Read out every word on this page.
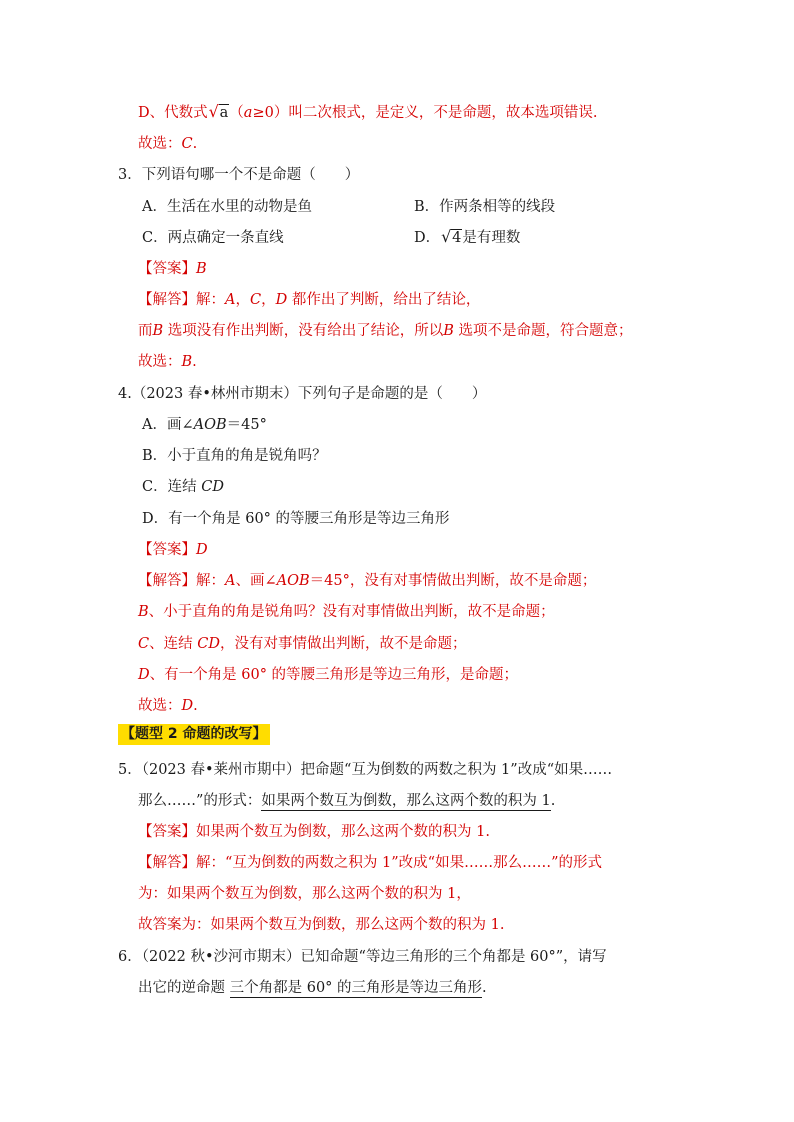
D、代数式 √ a（a≥0）叫二次根式，是定义，不是命题，故本选项错误.
故选：C.
3．下列语句哪一个不是命题（　　）
A．生活在水里的动物是鱼	B．作两条相等的线段
C．两点确定一条直线	D． √ 4是有理数
【答案】B
【解答】解：A，C，D 都作出了判断，给出了结论，
而B 选项没有作出判断，没有给出了结论，所以B 选项不是命题，符合题意；
故选：B.
4.（2023 春•林州市期末）下列句子是命题的是（　　）
A．画∠AOB＝45°
B．小于直角的角是锐角吗？
C．连结 CD
D．有一个角是 60° 的等腰三角形是等边三角形
【答案】D
【解答】解：A、画∠AOB＝45°，没有对事情做出判断，故不是命题；
B、小于直角的角是锐角吗？没有对事情做出判断，故不是命题；
C、连结 CD，没有对事情做出判断，故不是命题；
D、有一个角是 60° 的等腰三角形是等边三角形，是命题；
故选：D.
【题型 2 命题的改写】
5．（2023 春•莱州市期中）把命题“互为倒数的两数之积为 1”改成“如果……
那么……”的形式：如果两个数互为倒数，那么这两个数的积为 1.
【答案】如果两个数互为倒数，那么这两个数的积为 1.
【解答】解：“互为倒数的两数之积为 1”改成“如果……那么……”的形式
为：如果两个数互为倒数，那么这两个数的积为 1，
故答案为：如果两个数互为倒数，那么这两个数的积为 1.
6．（2022 秋•沙河市期末）已知命题“等边三角形的三个角都是 60°”，请写
出它的逆命题 三个角都是 60° 的三角形是等边三角形.
